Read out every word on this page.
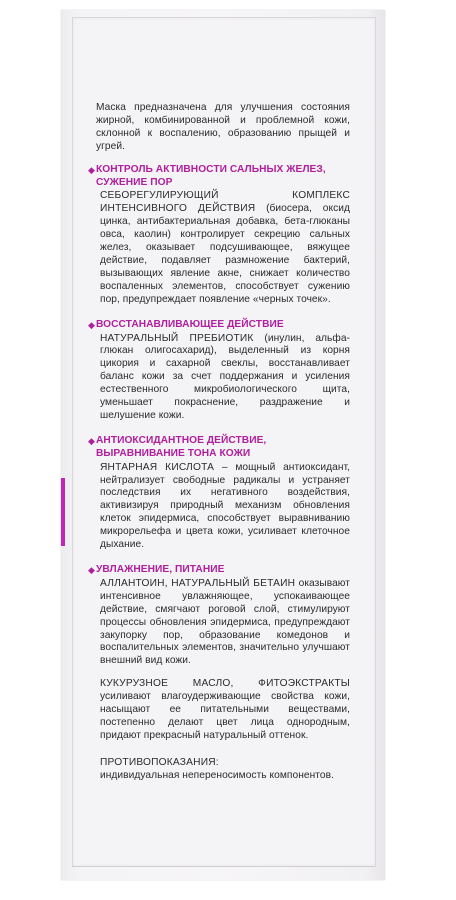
Маска предназначена для улучшения состояния жирной, комбинированной и проблемной кожи, склонной к воспалению, образованию прыщей и угрей.

◆ КОНТРОЛЬ АКТИВНОСТИ САЛЬНЫХ ЖЕЛЕЗ, СУЖЕНИЕ ПОР
СЕБОРЕГУЛИРУЮЩИЙ КОМПЛЕКС ИНТЕНСИВНОГО ДЕЙСТВИЯ (биосера, оксид цинка, антибактериальная добавка, бета-глюканы овса, каолин) контролирует секрецию сальных желез, оказывает подсушивающее, вяжущее действие, подавляет размножение бактерий, вызывающих явление акне, снижает количество воспаленных элементов, способствует сужению пор, предупреждает появление «черных точек».
◆ ВОССТАНАВЛИВАЮЩЕЕ ДЕЙСТВИЕ
НАТУРАЛЬНЫЙ ПРЕБИОТИК (инулин, альфа-глюкан олигосахарид), выделенный из корня цикория и сахарной свеклы, восстанавливает баланс кожи за счет поддержания и усиления естественного микробиологического щита, уменьшает покраснение, раздражение и шелушение кожи.
◆ АНТИОКСИДАНТНОЕ ДЕЙСТВИЕ, ВЫРАВНИВАНИЕ ТОНА КОЖИ
ЯНТАРНАЯ КИСЛОТА – мощный антиоксидант, нейтрализует свободные радикалы и устраняет последствия их негативного воздействия, активизируя природный механизм обновления клеток эпидермиса, способствует выравниванию микрорельефа и цвета кожи, усиливает клеточное дыхание.
◆ УВЛАЖНЕНИЕ, ПИТАНИЕ
АЛЛАНТОИН, НАТУРАЛЬНЫЙ БЕТАИН оказывают интенсивное увлажняющее, успокаивающее действие, смягчают роговой слой, стимулируют процессы обновления эпидермиса, предупреждают закупорку пор, образование комедонов и воспалительных элементов, значительно улучшают внешний вид кожи.
КУКУРУЗНОЕ МАСЛО, ФИТОЭКСТРАКТЫ усиливают влагоудерживающие свойства кожи, насыщают ее питательными веществами, постепенно делают цвет лица однородным, придают прекрасный натуральный оттенок.
ПРОТИВОПОКАЗАНИЯ:
индивидуальная непереносимость компонентов.
